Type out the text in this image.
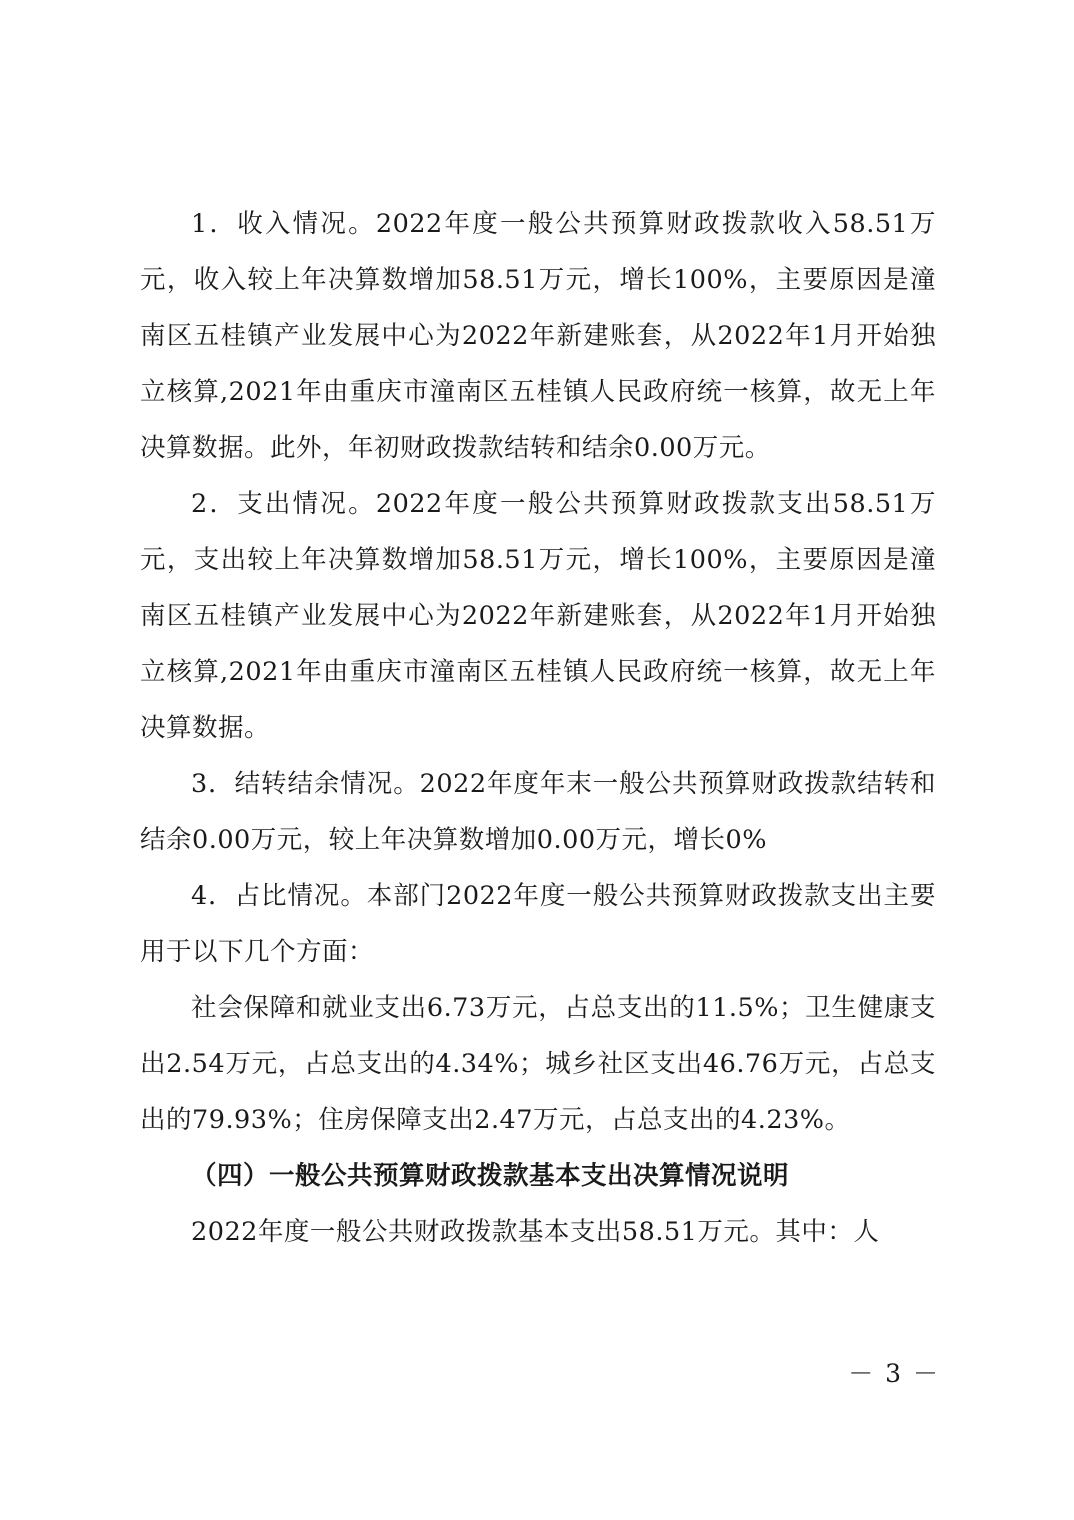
1．收入情况。2022年度一般公共预算财政拨款收入58.51万元，收入较上年决算数增加58.51万元，增长100%，主要原因是潼南区五桂镇产业发展中心为2022年新建账套，从2022年1月开始独立核算,2021年由重庆市潼南区五桂镇人民政府统一核算，故无上年决算数据。此外，年初财政拨款结转和结余0.00万元。

2．支出情况。2022年度一般公共预算财政拨款支出58.51万元，支出较上年决算数增加58.51万元，增长100%，主要原因是潼南区五桂镇产业发展中心为2022年新建账套，从2022年1月开始独立核算,2021年由重庆市潼南区五桂镇人民政府统一核算，故无上年决算数据。

3．结转结余情况。2022年度年末一般公共预算财政拨款结转和结余0.00万元，较上年决算数增加0.00万元，增长0%

4．占比情况。本部门2022年度一般公共预算财政拨款支出主要用于以下几个方面：

社会保障和就业支出6.73万元，占总支出的11.5%；卫生健康支出2.54万元，占总支出的4.34%；城乡社区支出46.76万元，占总支出的79.93%；住房保障支出2.47万元，占总支出的4.23%。

（四）一般公共预算财政拨款基本支出决算情况说明

2022年度一般公共财政拨款基本支出58.51万元。其中：人

－ 3 －
